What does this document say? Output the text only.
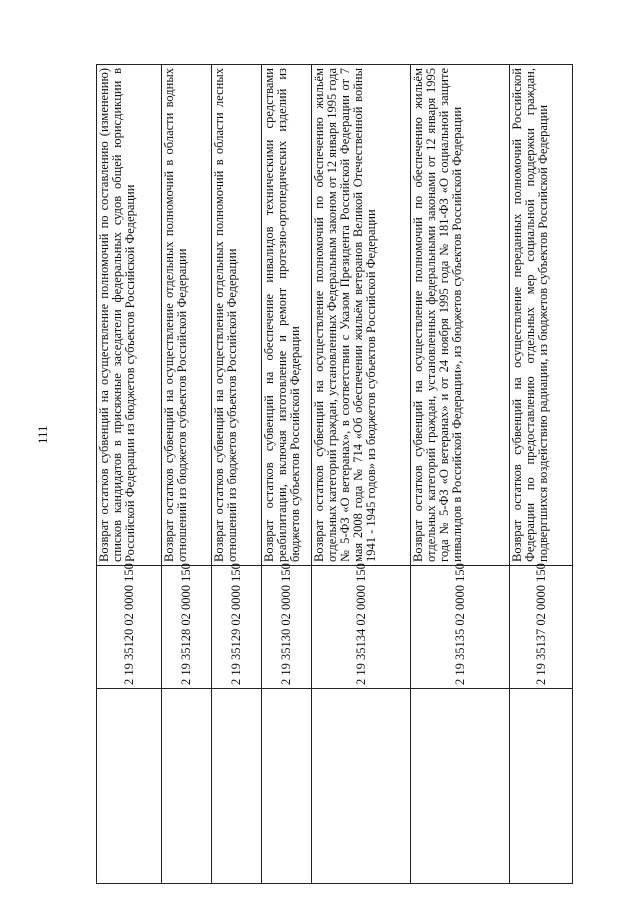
111
	2 19 35120 02 0000 150	Возврат остатков субвенций на осуществление полномочий по составлению (изменению) списков кандидатов в присяжные заседатели федеральных судов общей юрисдикции в Российской Федерации из бюджетов субъектов Российской Федерации
	2 19 35128 02 0000 150	Возврат остатков субвенций на осуществление отдельных полномочий в области водных отношений из бюджетов субъектов Российской Федерации
	2 19 35129 02 0000 150	Возврат остатков субвенций на осуществление отдельных полномочий в области лесных отношений из бюджетов субъектов Российской Федерации
	2 19 35130 02 0000 150	Возврат остатков субвенций на обеспечение инвалидов техническими средствами реабилитации, включая изготовление и ремонт протезно-ортопедических изделий из бюджетов субъектов Российской Федерации
	2 19 35134 02 0000 150	Возврат остатков субвенций на осуществление полномочий по обеспечению жильём отдельных категорий граждан, установленных Федеральным законом от 12 января 1995 года № 5-ФЗ «О ветеранах», в соответствии с Указом Президента Российской Федерации от 7 мая 2008 года № 714 «Об обеспечении жильём ветеранов Великой Отечественной войны 1941 - 1945 годов» из бюджетов субъектов Российской Федерации
	2 19 35135 02 0000 150	Возврат остатков субвенций на осуществление полномочий по обеспечению жильём отдельных категорий граждан, установленных федеральными законами от 12 января 1995 года № 5-ФЗ «О ветеранах» и от 24 ноября 1995 года № 181-ФЗ «О социальной защите инвалидов в Российской Федерации», из бюджетов субъектов Российской Федерации
	2 19 35137 02 0000 150	Возврат остатков субвенций на осуществление переданных полномочий Российской Федерации по предоставлению отдельных мер социальной поддержки граждан, подвергшихся воздействию радиации, из бюджетов субъектов Российской Федерации
